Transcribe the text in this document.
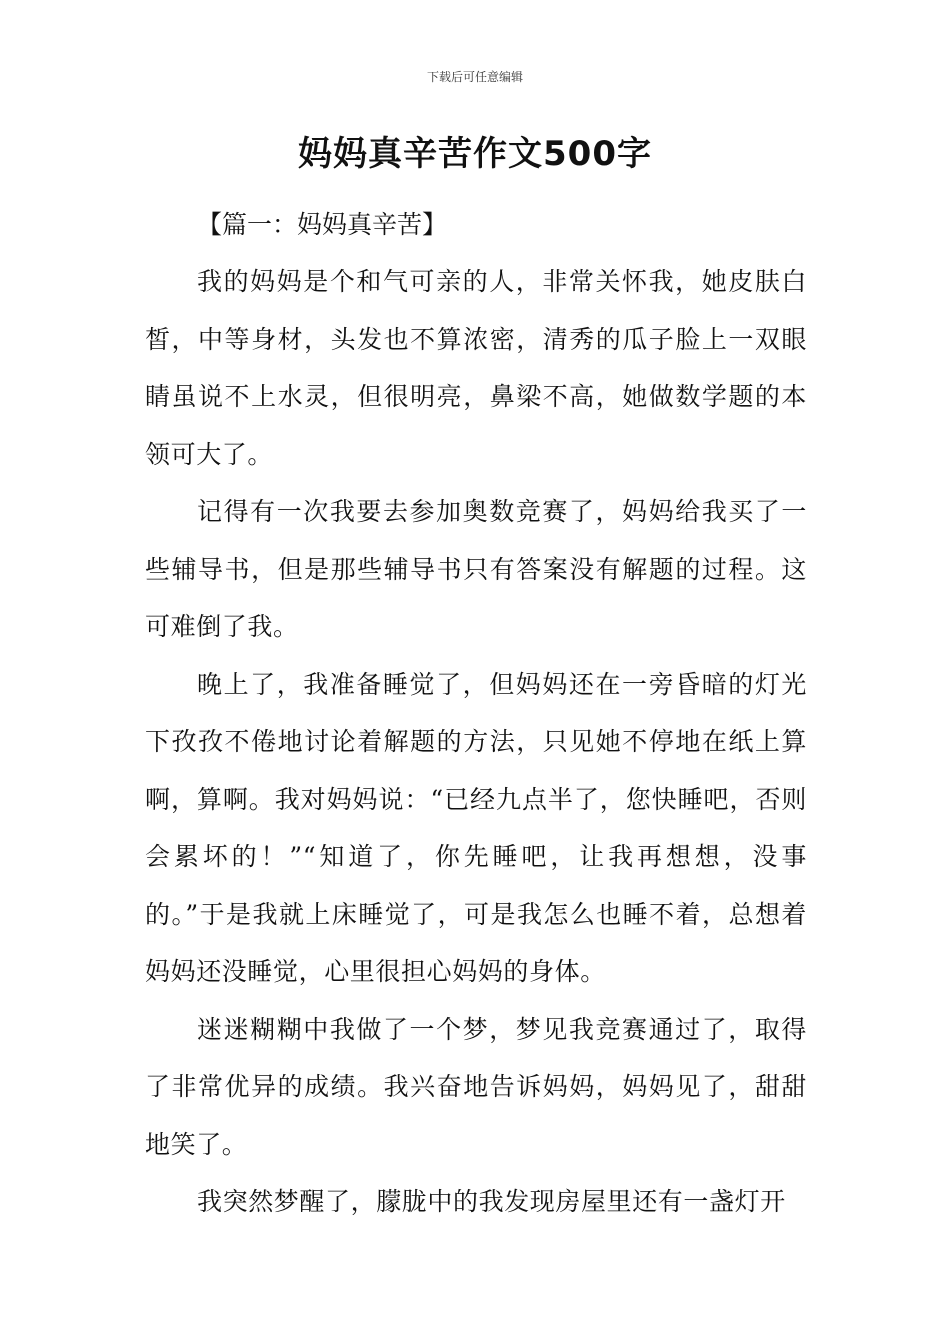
下载后可任意编辑
妈妈真辛苦作文500字

【篇一：妈妈真辛苦】

我的妈妈是个和气可亲的人，非常关怀我，她皮肤白皙，中等身材，头发也不算浓密，清秀的瓜子脸上一双眼睛虽说不上水灵，但很明亮，鼻梁不高，她做数学题的本领可大了。

记得有一次我要去参加奥数竞赛了，妈妈给我买了一些辅导书，但是那些辅导书只有答案没有解题的过程。这可难倒了我。

晚上了，我准备睡觉了，但妈妈还在一旁昏暗的灯光下孜孜不倦地讨论着解题的方法，只见她不停地在纸上算啊，算啊。我对妈妈说：“已经九点半了，您快睡吧，否则会累坏的！”“知道了，你先睡吧，让我再想想，没事的。”于是我就上床睡觉了，可是我怎么也睡不着，总想着妈妈还没睡觉，心里很担心妈妈的身体。

迷迷糊糊中我做了一个梦，梦见我竞赛通过了，取得了非常优异的成绩。我兴奋地告诉妈妈，妈妈见了，甜甜地笑了。

我突然梦醒了，朦胧中的我发现房屋里还有一盏灯开
